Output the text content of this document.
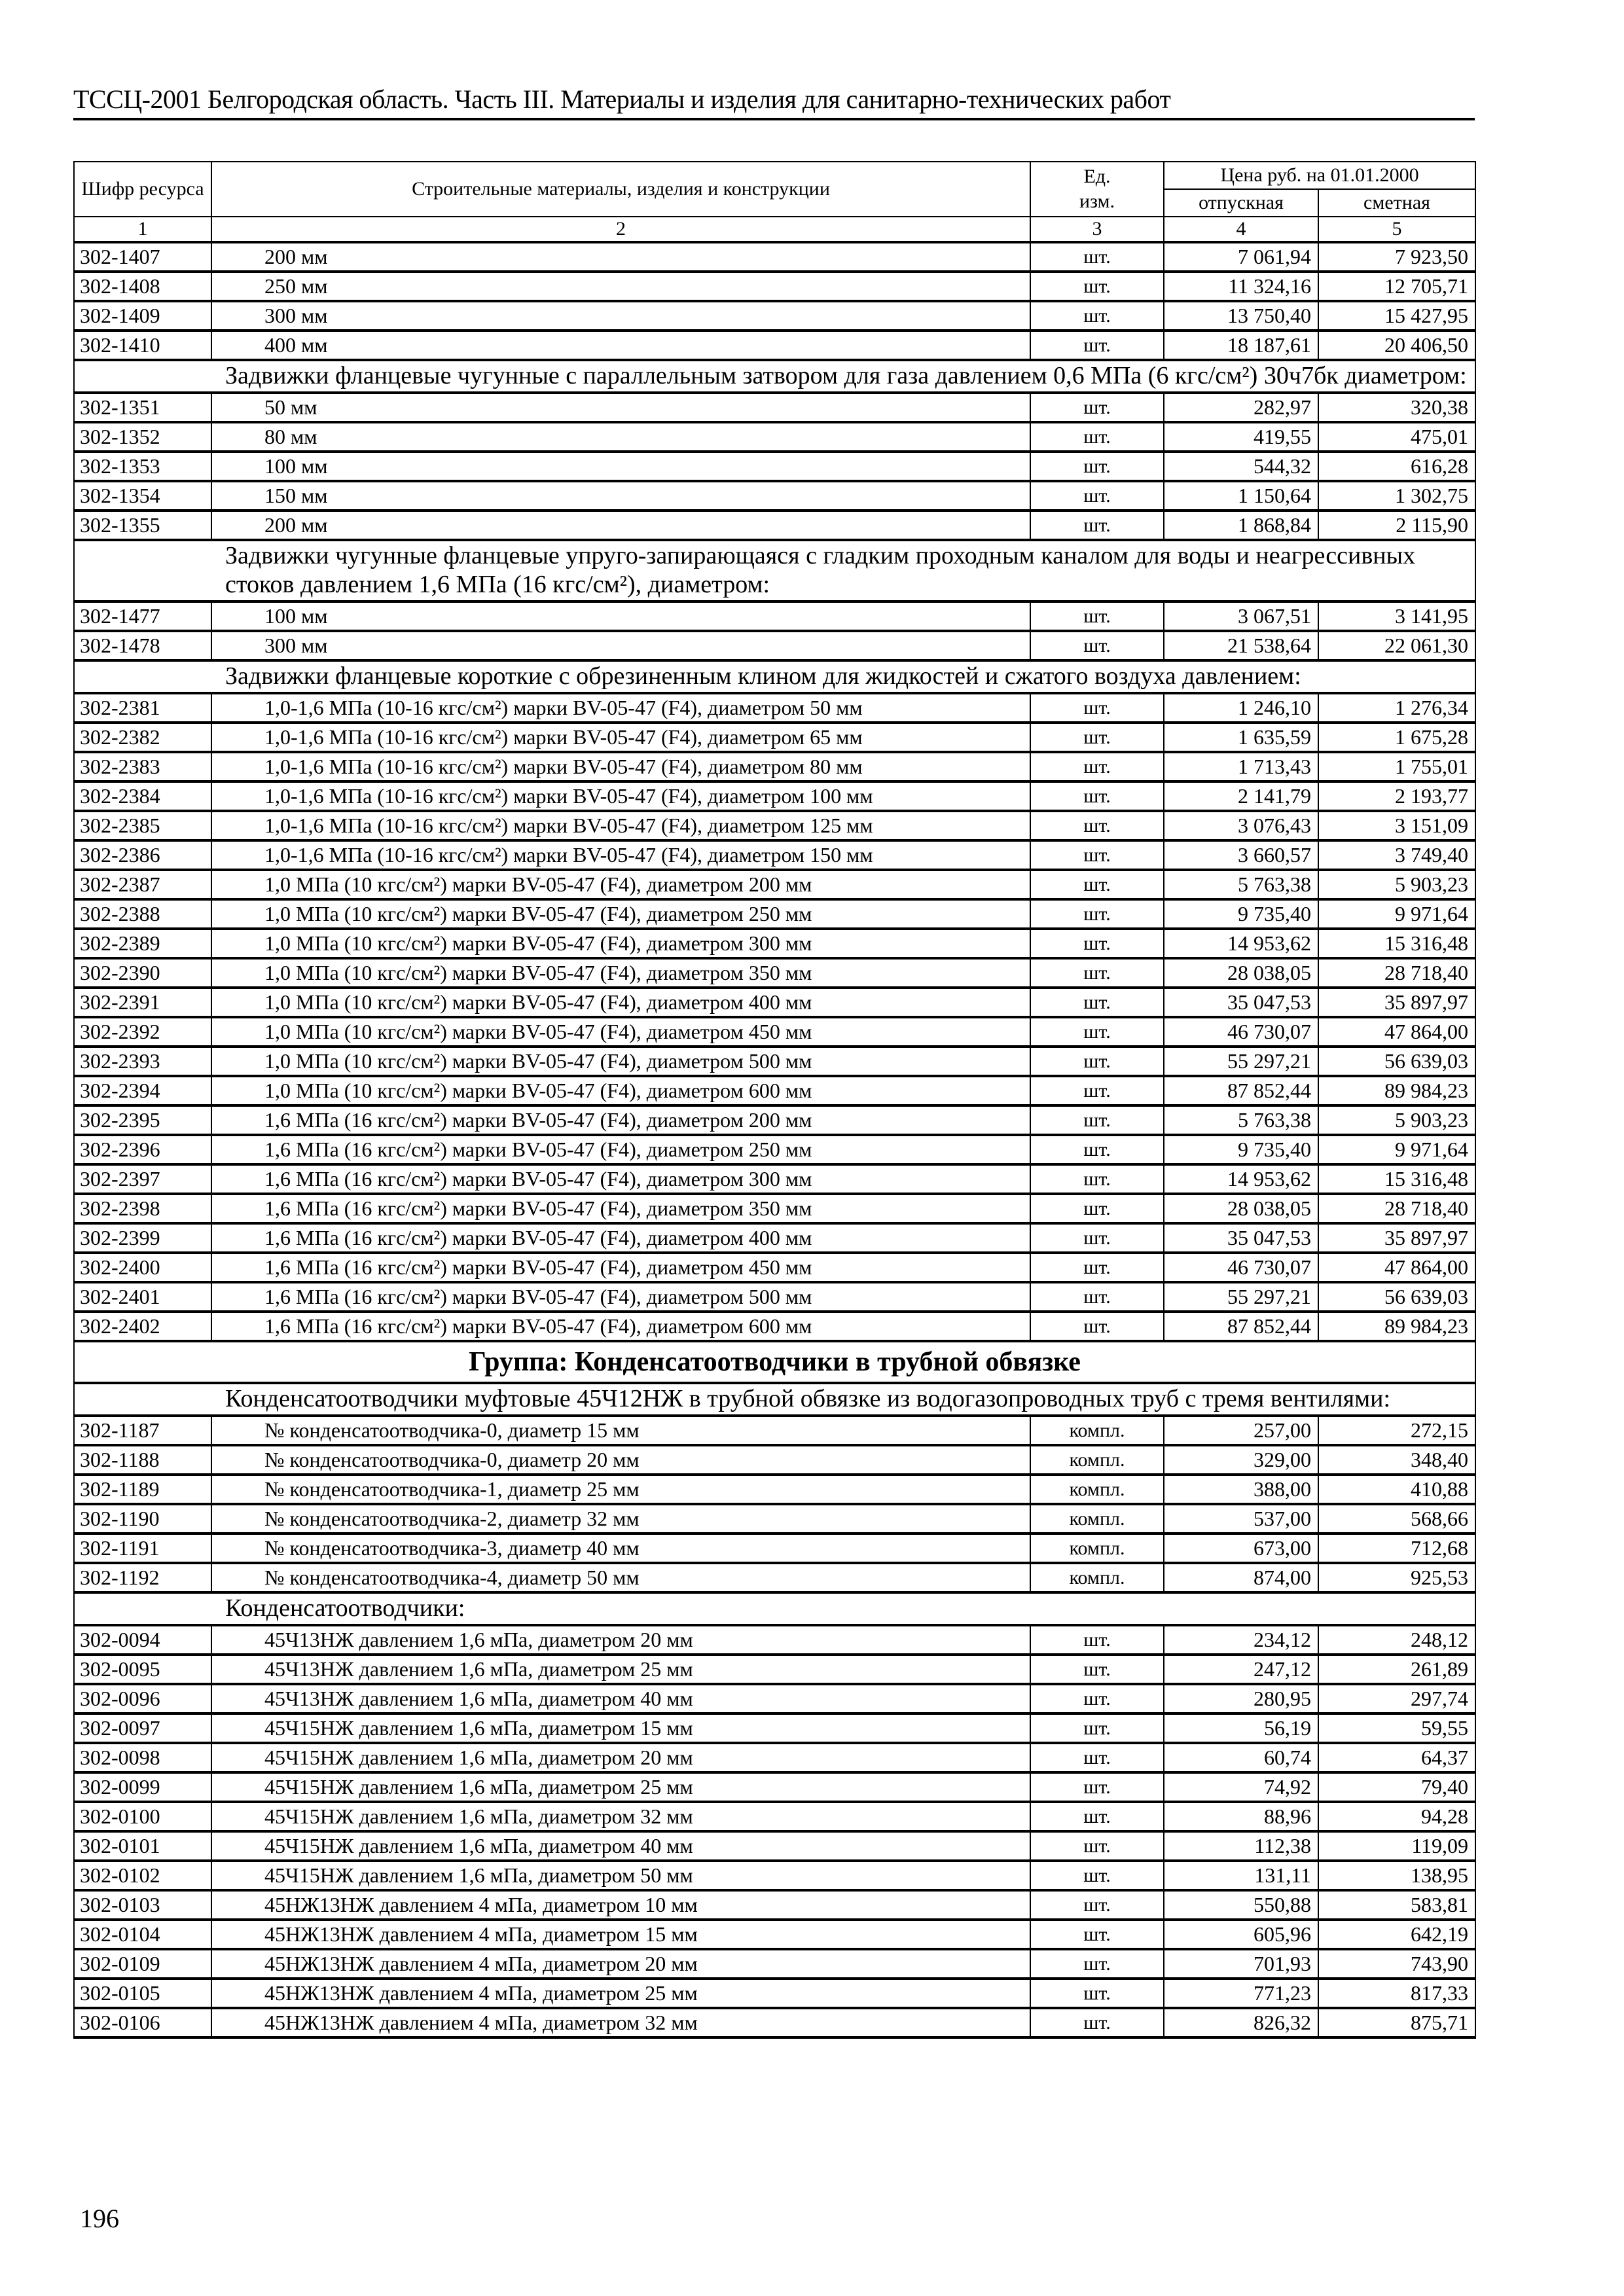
ТССЦ-2001 Белгородская область. Часть III. Материалы и изделия для санитарно-технических работ
Шифр ресурса	Строительные материалы, изделия и конструкции	Ед. изм.	Цена руб. на 01.01.2000	
			отпускная	сметная
1	2	3	4	5
302-1407	200 мм	шт.	7 061,94	7 923,50
302-1408	250 мм	шт.	11 324,16	12 705,71
302-1409	300 мм	шт.	13 750,40	15 427,95
302-1410	400 мм	шт.	18 187,61	20 406,50
Задвижки фланцевые чугунные с параллельным затвором для газа давлением 0,6 МПа (6 кгс/см²) 30ч7бк диаметром:				
302-1351	50 мм	шт.	282,97	320,38
302-1352	80 мм	шт.	419,55	475,01
302-1353	100 мм	шт.	544,32	616,28
302-1354	150 мм	шт.	1 150,64	1 302,75
302-1355	200 мм	шт.	1 868,84	2 115,90
Задвижки чугунные фланцевые упруго-запирающаяся с гладким проходным каналом для воды и неагрессивных стоков давлением 1,6 МПа (16 кгс/см²), диаметром:				
302-1477	100 мм	шт.	3 067,51	3 141,95
302-1478	300 мм	шт.	21 538,64	22 061,30
Задвижки фланцевые короткие с обрезиненным клином для жидкостей и сжатого воздуха давлением:				
302-2381	1,0-1,6 МПа (10-16 кгс/см²) марки BV-05-47 (F4), диаметром 50 мм	шт.	1 246,10	1 276,34
302-2382	1,0-1,6 МПа (10-16 кгс/см²) марки BV-05-47 (F4), диаметром 65 мм	шт.	1 635,59	1 675,28
302-2383	1,0-1,6 МПа (10-16 кгс/см²) марки BV-05-47 (F4), диаметром 80 мм	шт.	1 713,43	1 755,01
302-2384	1,0-1,6 МПа (10-16 кгс/см²) марки BV-05-47 (F4), диаметром 100 мм	шт.	2 141,79	2 193,77
302-2385	1,0-1,6 МПа (10-16 кгс/см²) марки BV-05-47 (F4), диаметром 125 мм	шт.	3 076,43	3 151,09
302-2386	1,0-1,6 МПа (10-16 кгс/см²) марки BV-05-47 (F4), диаметром 150 мм	шт.	3 660,57	3 749,40
302-2387	1,0 МПа (10 кгс/см²) марки BV-05-47 (F4), диаметром 200 мм	шт.	5 763,38	5 903,23
302-2388	1,0 МПа (10 кгс/см²) марки BV-05-47 (F4), диаметром 250 мм	шт.	9 735,40	9 971,64
302-2389	1,0 МПа (10 кгс/см²) марки BV-05-47 (F4), диаметром 300 мм	шт.	14 953,62	15 316,48
302-2390	1,0 МПа (10 кгс/см²) марки BV-05-47 (F4), диаметром 350 мм	шт.	28 038,05	28 718,40
302-2391	1,0 МПа (10 кгс/см²) марки BV-05-47 (F4), диаметром 400 мм	шт.	35 047,53	35 897,97
302-2392	1,0 МПа (10 кгс/см²) марки BV-05-47 (F4), диаметром 450 мм	шт.	46 730,07	47 864,00
302-2393	1,0 МПа (10 кгс/см²) марки BV-05-47 (F4), диаметром 500 мм	шт.	55 297,21	56 639,03
302-2394	1,0 МПа (10 кгс/см²) марки BV-05-47 (F4), диаметром 600 мм	шт.	87 852,44	89 984,23
302-2395	1,6 МПа (16 кгс/см²) марки BV-05-47 (F4), диаметром 200 мм	шт.	5 763,38	5 903,23
302-2396	1,6 МПа (16 кгс/см²) марки BV-05-47 (F4), диаметром 250 мм	шт.	9 735,40	9 971,64
302-2397	1,6 МПа (16 кгс/см²) марки BV-05-47 (F4), диаметром 300 мм	шт.	14 953,62	15 316,48
302-2398	1,6 МПа (16 кгс/см²) марки BV-05-47 (F4), диаметром 350 мм	шт.	28 038,05	28 718,40
302-2399	1,6 МПа (16 кгс/см²) марки BV-05-47 (F4), диаметром 400 мм	шт.	35 047,53	35 897,97
302-2400	1,6 МПа (16 кгс/см²) марки BV-05-47 (F4), диаметром 450 мм	шт.	46 730,07	47 864,00
302-2401	1,6 МПа (16 кгс/см²) марки BV-05-47 (F4), диаметром 500 мм	шт.	55 297,21	56 639,03
302-2402	1,6 МПа (16 кгс/см²) марки BV-05-47 (F4), диаметром 600 мм	шт.	87 852,44	89 984,23
Группа: Конденсатоотводчики в трубной обвязке				
Конденсатоотводчики муфтовые 45Ч12НЖ в трубной обвязке из водогазопроводных труб с тремя вентилями:				
302-1187	№ конденсатоотводчика-0, диаметр 15 мм	компл.	257,00	272,15
302-1188	№ конденсатоотводчика-0, диаметр 20 мм	компл.	329,00	348,40
302-1189	№ конденсатоотводчика-1, диаметр 25 мм	компл.	388,00	410,88
302-1190	№ конденсатоотводчика-2, диаметр 32 мм	компл.	537,00	568,66
302-1191	№ конденсатоотводчика-3, диаметр 40 мм	компл.	673,00	712,68
302-1192	№ конденсатоотводчика-4, диаметр 50 мм	компл.	874,00	925,53
Конденсатоотводчики:				
302-0094	45Ч13НЖ давлением 1,6 мПа, диаметром 20 мм	шт.	234,12	248,12
302-0095	45Ч13НЖ давлением 1,6 мПа, диаметром 25 мм	шт.	247,12	261,89
302-0096	45Ч13НЖ давлением 1,6 мПа, диаметром 40 мм	шт.	280,95	297,74
302-0097	45Ч15НЖ давлением 1,6 мПа, диаметром 15 мм	шт.	56,19	59,55
302-0098	45Ч15НЖ давлением 1,6 мПа, диаметром 20 мм	шт.	60,74	64,37
302-0099	45Ч15НЖ давлением 1,6 мПа, диаметром 25 мм	шт.	74,92	79,40
302-0100	45Ч15НЖ давлением 1,6 мПа, диаметром 32 мм	шт.	88,96	94,28
302-0101	45Ч15НЖ давлением 1,6 мПа, диаметром 40 мм	шт.	112,38	119,09
302-0102	45Ч15НЖ давлением 1,6 мПа, диаметром 50 мм	шт.	131,11	138,95
302-0103	45НЖ13НЖ давлением 4 мПа, диаметром 10 мм	шт.	550,88	583,81
302-0104	45НЖ13НЖ давлением 4 мПа, диаметром 15 мм	шт.	605,96	642,19
302-0109	45НЖ13НЖ давлением 4 мПа, диаметром 20 мм	шт.	701,93	743,90
302-0105	45НЖ13НЖ давлением 4 мПа, диаметром 25 мм	шт.	771,23	817,33
302-0106	45НЖ13НЖ давлением 4 мПа, диаметром 32 мм	шт.	826,32	875,71
196
